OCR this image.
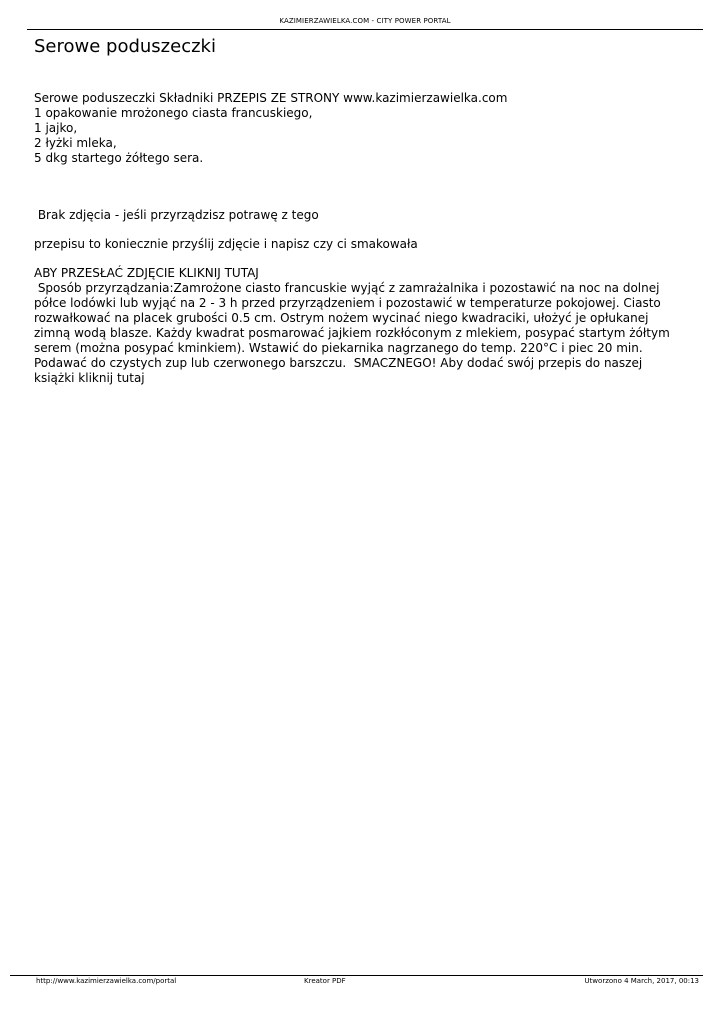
KAZIMIERZAWIELKA.COM - CITY POWER PORTAL
Serowe poduszeczki

Serowe poduszeczki Składniki PRZEPIS ZE STRONY www.kazimierzawielka.com

1 opakowanie mrożonego ciasta francuskiego,

1 jajko,

2 łyżki mleka,

5 dkg startego żółtego sera.

Brak zdjęcia - jeśli przyrządzisz potrawę z tego

przepisu to koniecznie przyślij zdjęcie i napisz czy ci smakowała

ABY PRZESŁAĆ ZDJĘCIE KLIKNIJ TUTAJ

Sposób przyrządzania:Zamrożone ciasto francuskie wyjąć z zamrażalnika i pozostawić na noc na dolnej

półce lodówki lub wyjąć na 2 - 3 h przed przyrządzeniem i pozostawić w temperaturze pokojowej. Ciasto

rozwałkować na placek grubości 0.5 cm. Ostrym nożem wycinać niego kwadraciki, ułożyć je opłukanej

zimną wodą blasze. Każdy kwadrat posmarować jajkiem rozkłóconym z mlekiem, posypać startym żółtym

serem (można posypać kminkiem). Wstawić do piekarnika nagrzanego do temp. 220°C i piec 20 min.

Podawać do czystych zup lub czerwonego barszczu.  SMACZNEGO! Aby dodać swój przepis do naszej

książki kliknij tutaj

http://www.kazimierzawielka.com/portal	Kreator PDF	Utworzono 4 March, 2017, 00:13
